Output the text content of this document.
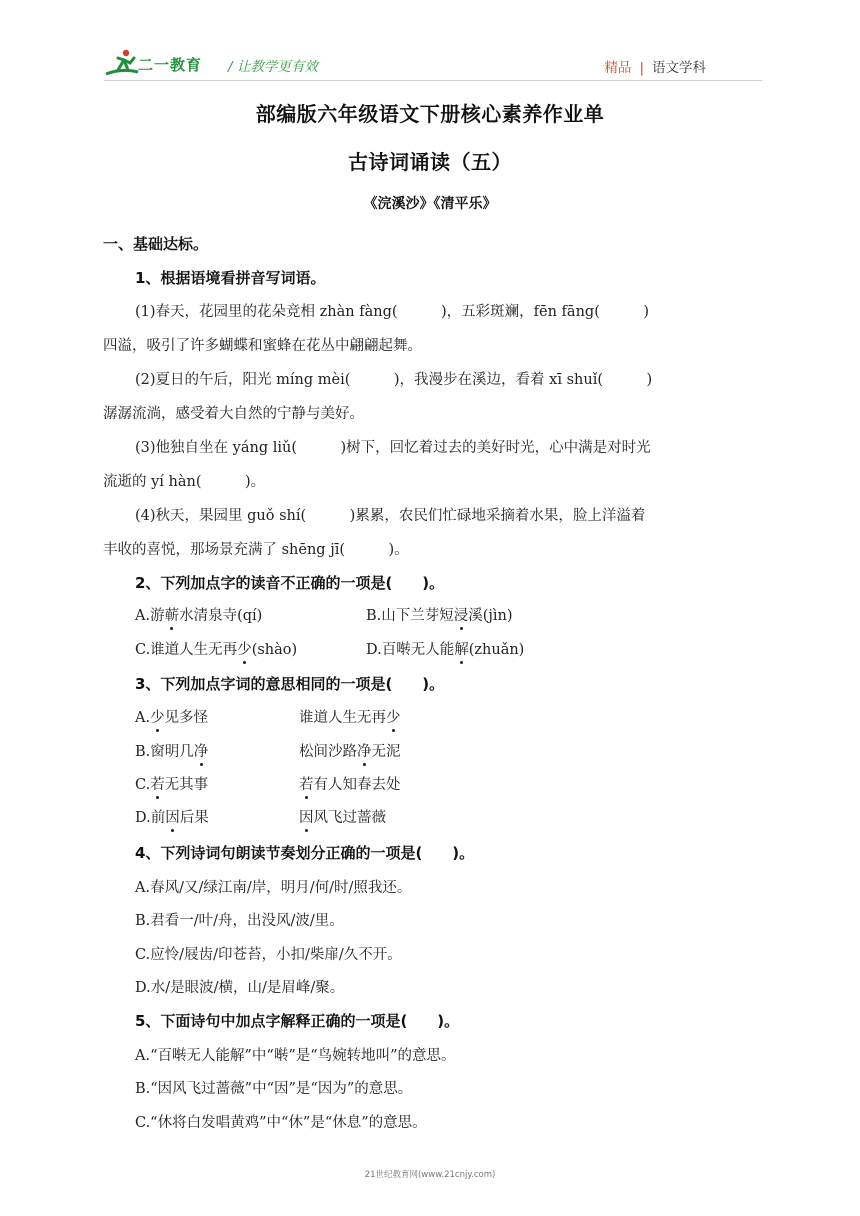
二一教育 / 让教学更有效	精品 | 语文学科
部编版六年级语文下册核心素养作业单
古诗词诵读（五）
《浣溪沙》《清平乐》
一、基础达标。
1、根据语境看拼音写词语。
(1)春天，花园里的花朵竞相 zhàn fàng(　　　)，五彩斑斓，fēn fāng(　　　)
四溢，吸引了许多蝴蝶和蜜蜂在花丛中翩翩起舞。
(2)夏日的午后，阳光 míng mèi(　　　)，我漫步在溪边，看着 xī shuǐ(　　　)
潺潺流淌，感受着大自然的宁静与美好。
(3)他独自坐在 yáng liǔ(　　　)树下，回忆着过去的美好时光，心中满是对时光
流逝的 yí hàn(　　　)。
(4)秋天，果园里 guǒ shí(　　　)累累，农民们忙碌地采摘着水果，脸上洋溢着
丰收的喜悦，那场景充满了 shēng jī(　　　)。
2、下列加点字的读音不正确的一项是(　　)。
A.游蕲水清泉寺(qí)	B.山下兰芽短浸溪(jìn)
C.谁道人生无再少(shào)	D.百啭无人能解(zhuǎn)
3、下列加点字词的意思相同的一项是(　　)。
A.少见多怪	谁道人生无再少
B.窗明几净	松间沙路净无泥
C.若无其事	若有人知春去处
D.前因后果	因风飞过蔷薇
4、下列诗词句朗读节奏划分正确的一项是(　　)。
A.春风/又/绿江南/岸，明月/何/时/照我还。
B.君看一/叶/舟，出没风/波/里。
C.应怜/屐齿/印苍苔，小扣/柴扉/久不开。
D.水/是眼波/横，山/是眉峰/聚。
5、下面诗句中加点字解释正确的一项是(　　)。
A.“百啭无人能解”中“啭”是“鸟婉转地叫”的意思。
B.“因风飞过蔷薇”中“因”是“因为”的意思。
C.“休将白发唱黄鸡”中“休”是“休息”的意思。
21世纪教育网(www.21cnjy.com)
